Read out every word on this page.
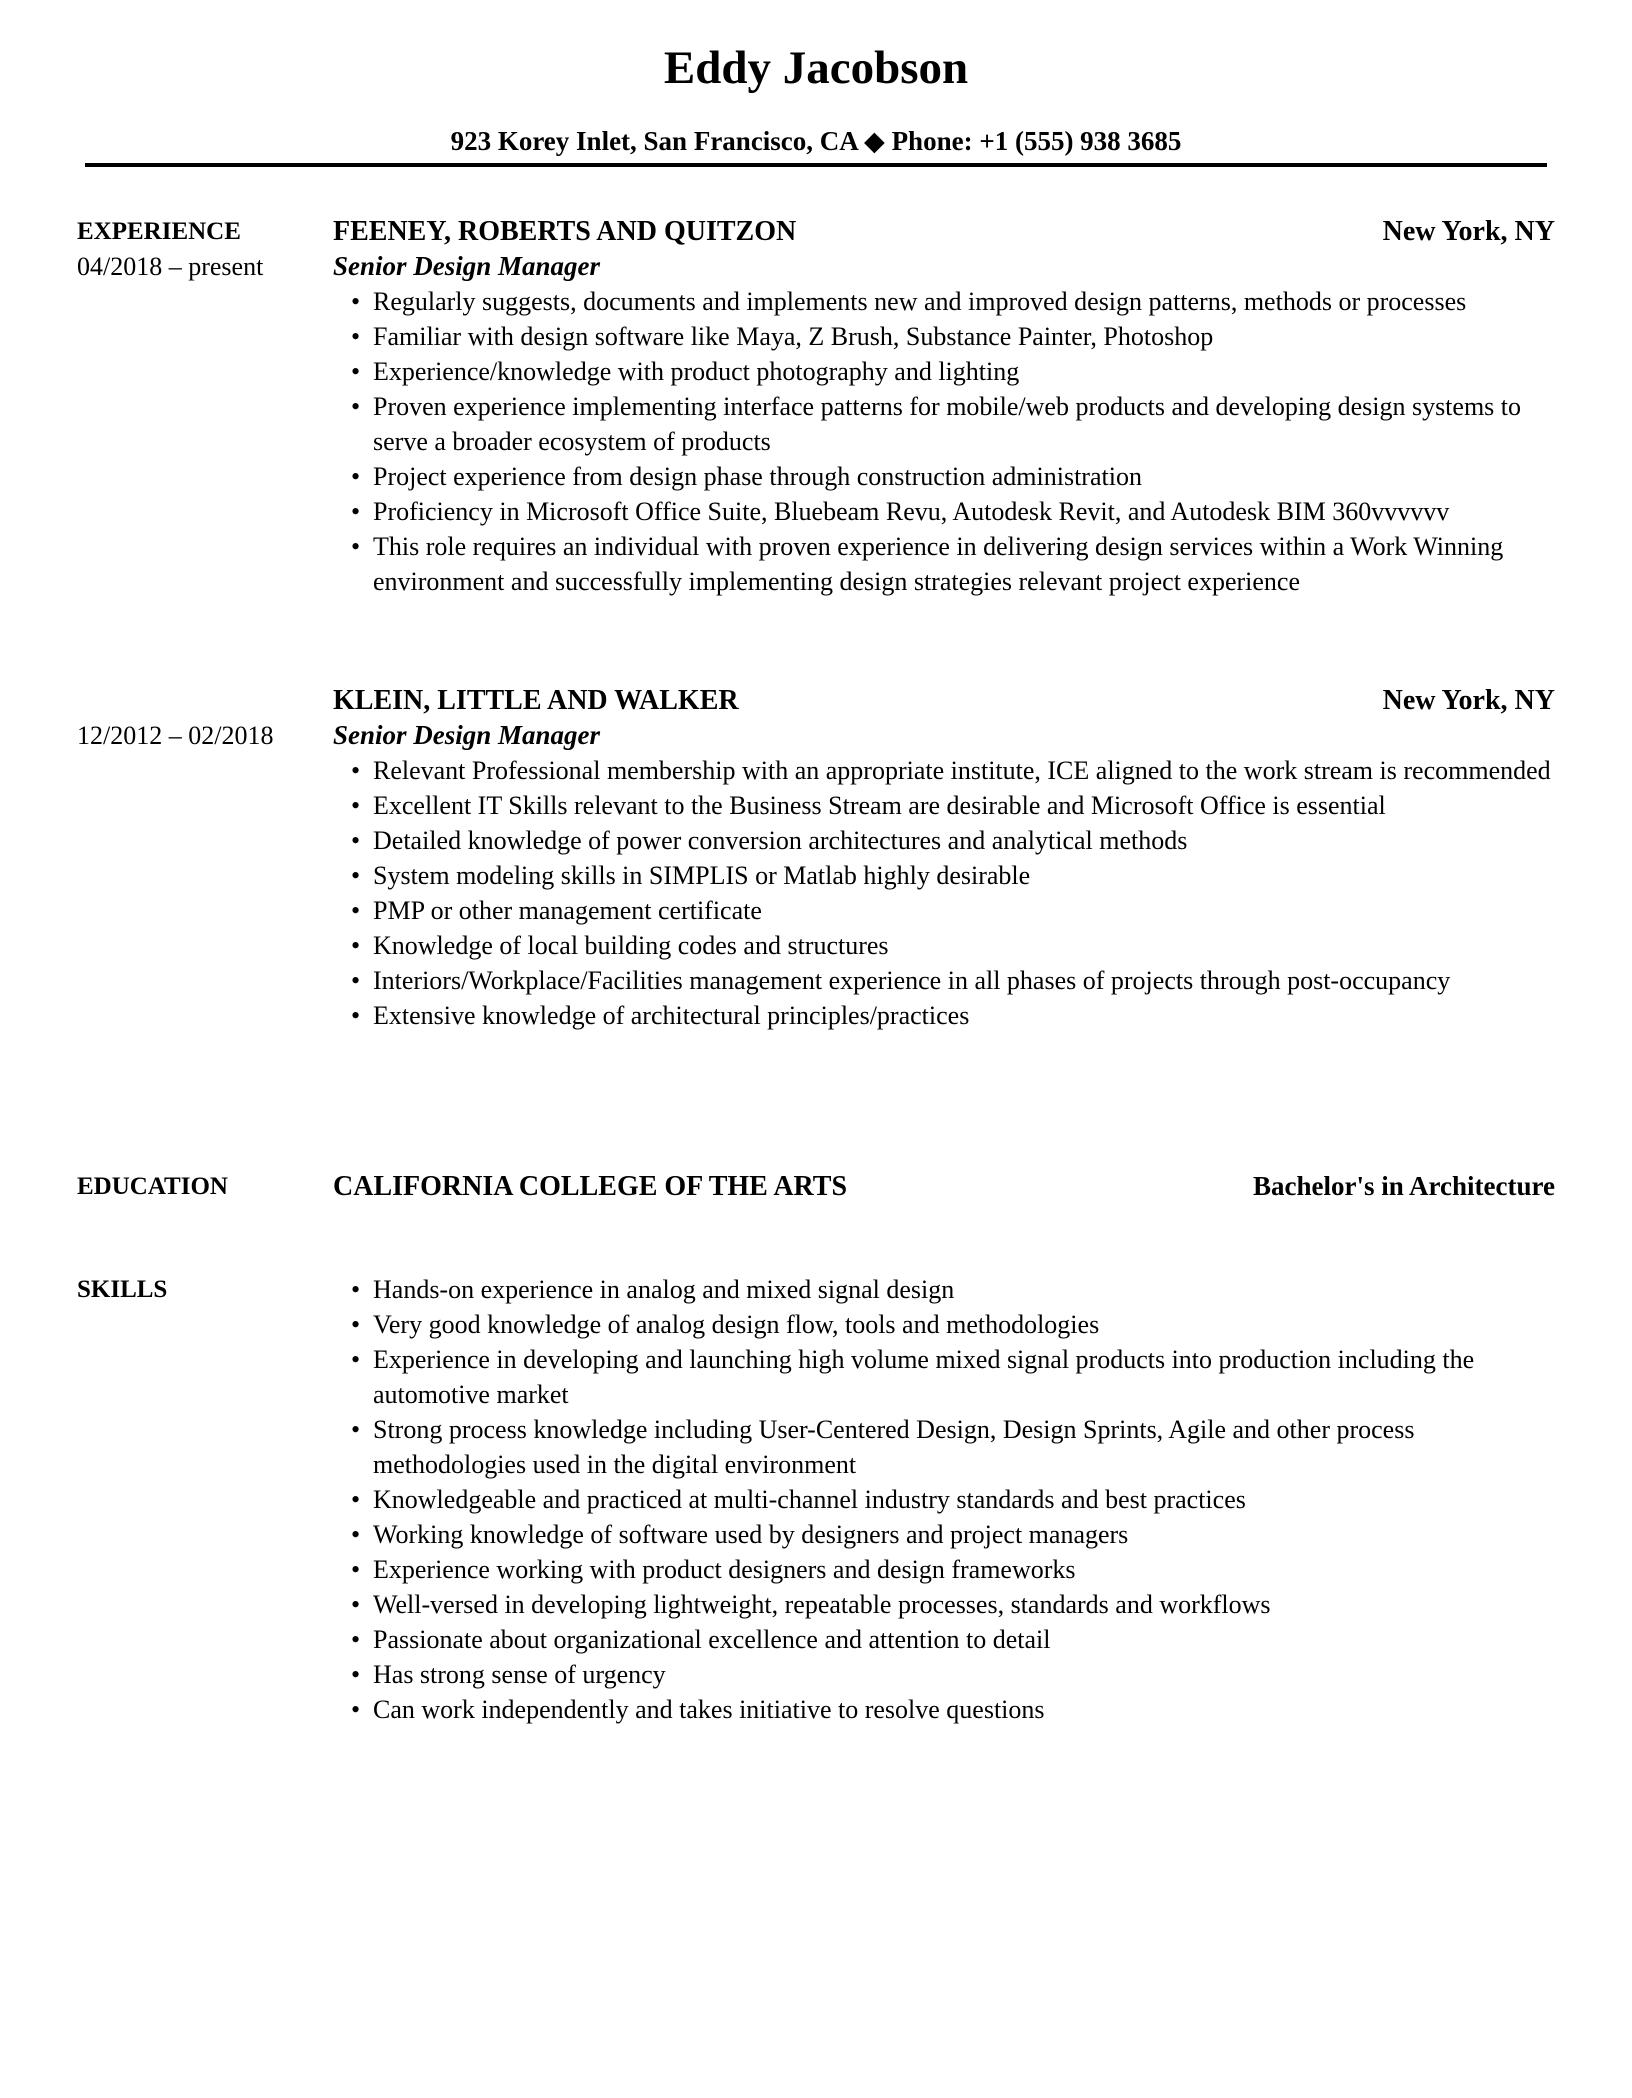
Eddy Jacobson
923 Korey Inlet, San Francisco, CA ◆ Phone: +1 (555) 938 3685
EXPERIENCE
04/2018 – present
FEENEY, ROBERTS AND QUITZON	New York, NY
Senior Design Manager
• Regularly suggests, documents and implements new and improved design patterns, methods or processes
• Familiar with design software like Maya, Z Brush, Substance Painter, Photoshop
• Experience/knowledge with product photography and lighting
• Proven experience implementing interface patterns for mobile/web products and developing design systems to serve a broader ecosystem of products
• Project experience from design phase through construction administration
• Proficiency in Microsoft Office Suite, Bluebeam Revu, Autodesk Revit, and Autodesk BIM 360vvvvvv
• This role requires an individual with proven experience in delivering design services within a Work Winning environment and successfully implementing design strategies relevant project experience
12/2012 – 02/2018
KLEIN, LITTLE AND WALKER	New York, NY
Senior Design Manager
• Relevant Professional membership with an appropriate institute, ICE aligned to the work stream is recommended
• Excellent IT Skills relevant to the Business Stream are desirable and Microsoft Office is essential
• Detailed knowledge of power conversion architectures and analytical methods
• System modeling skills in SIMPLIS or Matlab highly desirable
• PMP or other management certificate
• Knowledge of local building codes and structures
• Interiors/Workplace/Facilities management experience in all phases of projects through post-occupancy
• Extensive knowledge of architectural principles/practices
EDUCATION	CALIFORNIA COLLEGE OF THE ARTS	Bachelor's in Architecture
SKILLS	• Hands-on experience in analog and mixed signal design
• Very good knowledge of analog design flow, tools and methodologies
• Experience in developing and launching high volume mixed signal products into production including the automotive market
• Strong process knowledge including User-Centered Design, Design Sprints, Agile and other process methodologies used in the digital environment
• Knowledgeable and practiced at multi-channel industry standards and best practices
• Working knowledge of software used by designers and project managers
• Experience working with product designers and design frameworks
• Well-versed in developing lightweight, repeatable processes, standards and workflows
• Passionate about organizational excellence and attention to detail
• Has strong sense of urgency
• Can work independently and takes initiative to resolve questions
